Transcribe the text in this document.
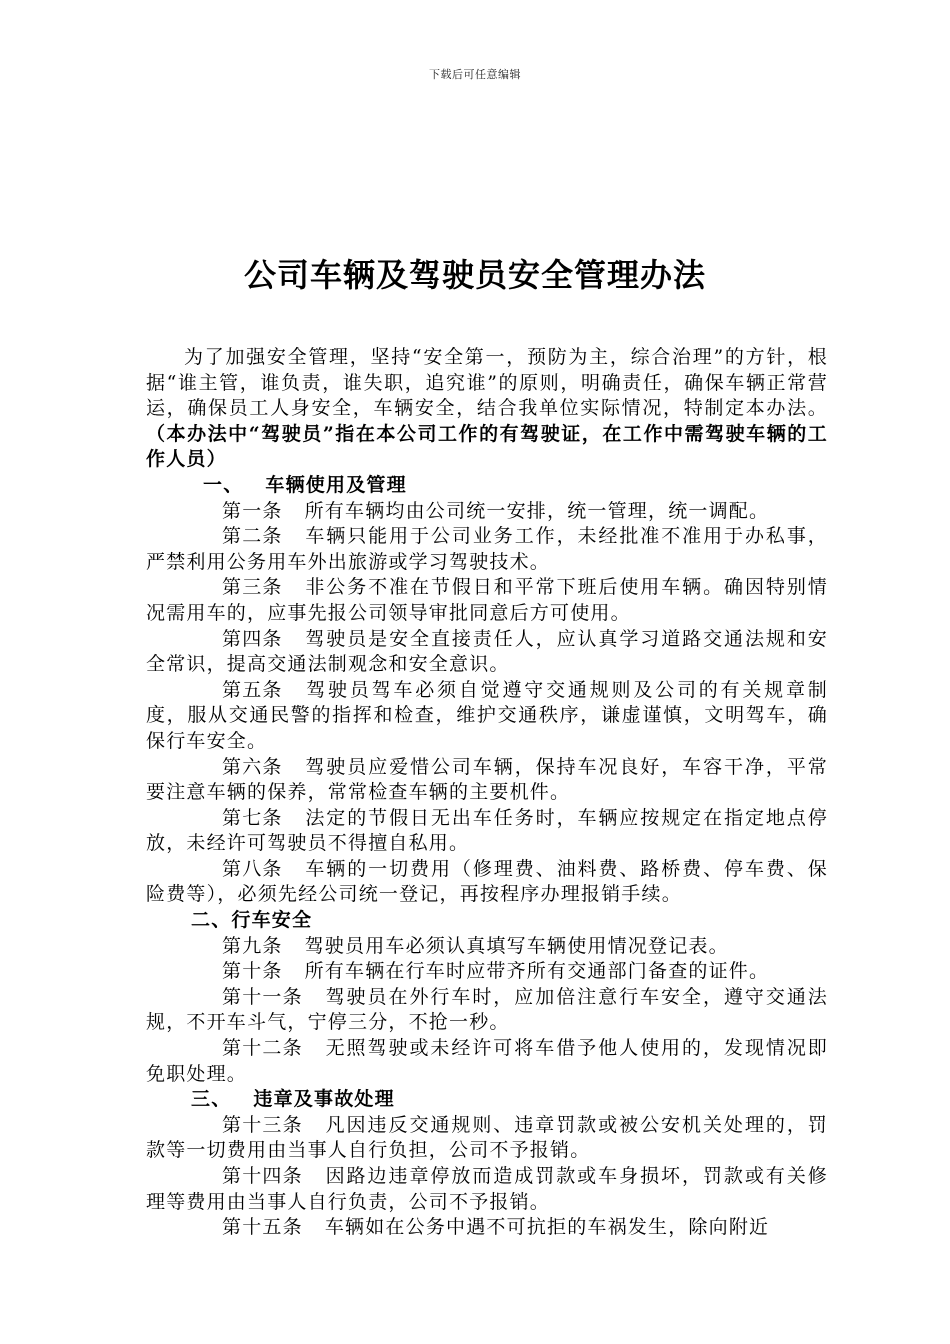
下载后可任意编辑
公司车辆及驾驶员安全管理办法

为了加强安全管理，坚持“安全第一，预防为主，综合治理”的方针，根据“谁主管，谁负责，谁失职，追究谁”的原则，明确责任，确保车辆正常营运，确保员工人身安全，车辆安全，结合我单位实际情况，特制定本办法。（本办法中“驾驶员”指在本公司工作的有驾驶证，在工作中需驾驶车辆的工作人员）

一、 车辆使用及管理

第一条 所有车辆均由公司统一安排，统一管理，统一调配。

第二条 车辆只能用于公司业务工作，未经批准不准用于办私事，严禁利用公务用车外出旅游或学习驾驶技术。

第三条 非公务不准在节假日和平常下班后使用车辆。确因特别情况需用车的，应事先报公司领导审批同意后方可使用。

第四条 驾驶员是安全直接责任人，应认真学习道路交通法规和安全常识，提高交通法制观念和安全意识。

第五条 驾驶员驾车必须自觉遵守交通规则及公司的有关规章制度，服从交通民警的指挥和检查，维护交通秩序，谦虚谨慎，文明驾车，确保行车安全。

第六条 驾驶员应爱惜公司车辆，保持车况良好，车容干净，平常要注意车辆的保养，常常检查车辆的主要机件。

第七条 法定的节假日无出车任务时，车辆应按规定在指定地点停放，未经许可驾驶员不得擅自私用。

第八条 车辆的一切费用（修理费、油料费、路桥费、停车费、保险费等），必须先经公司统一登记，再按程序办理报销手续。

二、行车安全

第九条 驾驶员用车必须认真填写车辆使用情况登记表。

第十条 所有车辆在行车时应带齐所有交通部门备查的证件。

第十一条 驾驶员在外行车时，应加倍注意行车安全，遵守交通法规，不开车斗气，宁停三分，不抢一秒。

第十二条 无照驾驶或未经许可将车借予他人使用的，发现情况即免职处理。

三、 违章及事故处理

第十三条 凡因违反交通规则、违章罚款或被公安机关处理的，罚款等一切费用由当事人自行负担，公司不予报销。

第十四条 因路边违章停放而造成罚款或车身损坏，罚款或有关修理等费用由当事人自行负责，公司不予报销。

第十五条 车辆如在公务中遇不可抗拒的车祸发生，除向附近
